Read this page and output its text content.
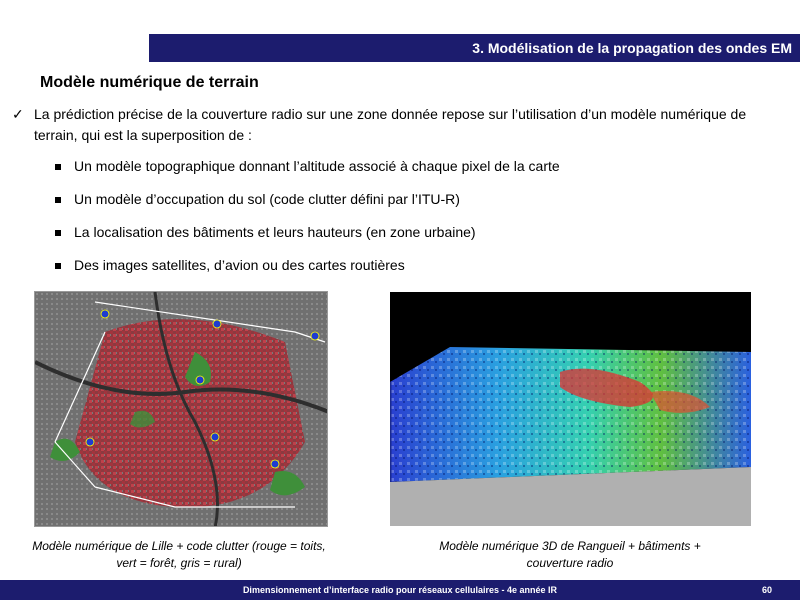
3. Modélisation de la propagation des ondes EM
Modèle numérique de terrain
✓ La prédiction précise de la couverture radio sur une zone donnée repose sur l’utilisation d’un modèle numérique de
terrain, qui est la superposition de :
Un modèle topographique donnant l’altitude associé à chaque pixel de la carte
Un modèle d’occupation du sol (code clutter défini par l’ITU-R)
La localisation des bâtiments et leurs hauteurs (en zone urbaine)
Des images satellites, d’avion ou des cartes routières
Modèle numérique de Lille + code clutter (rouge = toits,
vert = forêt, gris = rural)
Modèle numérique 3D de Rangueil + bâtiments +
couverture radio
Dimensionnement d’interface radio pour réseaux cellulaires - 4e année IR	60
